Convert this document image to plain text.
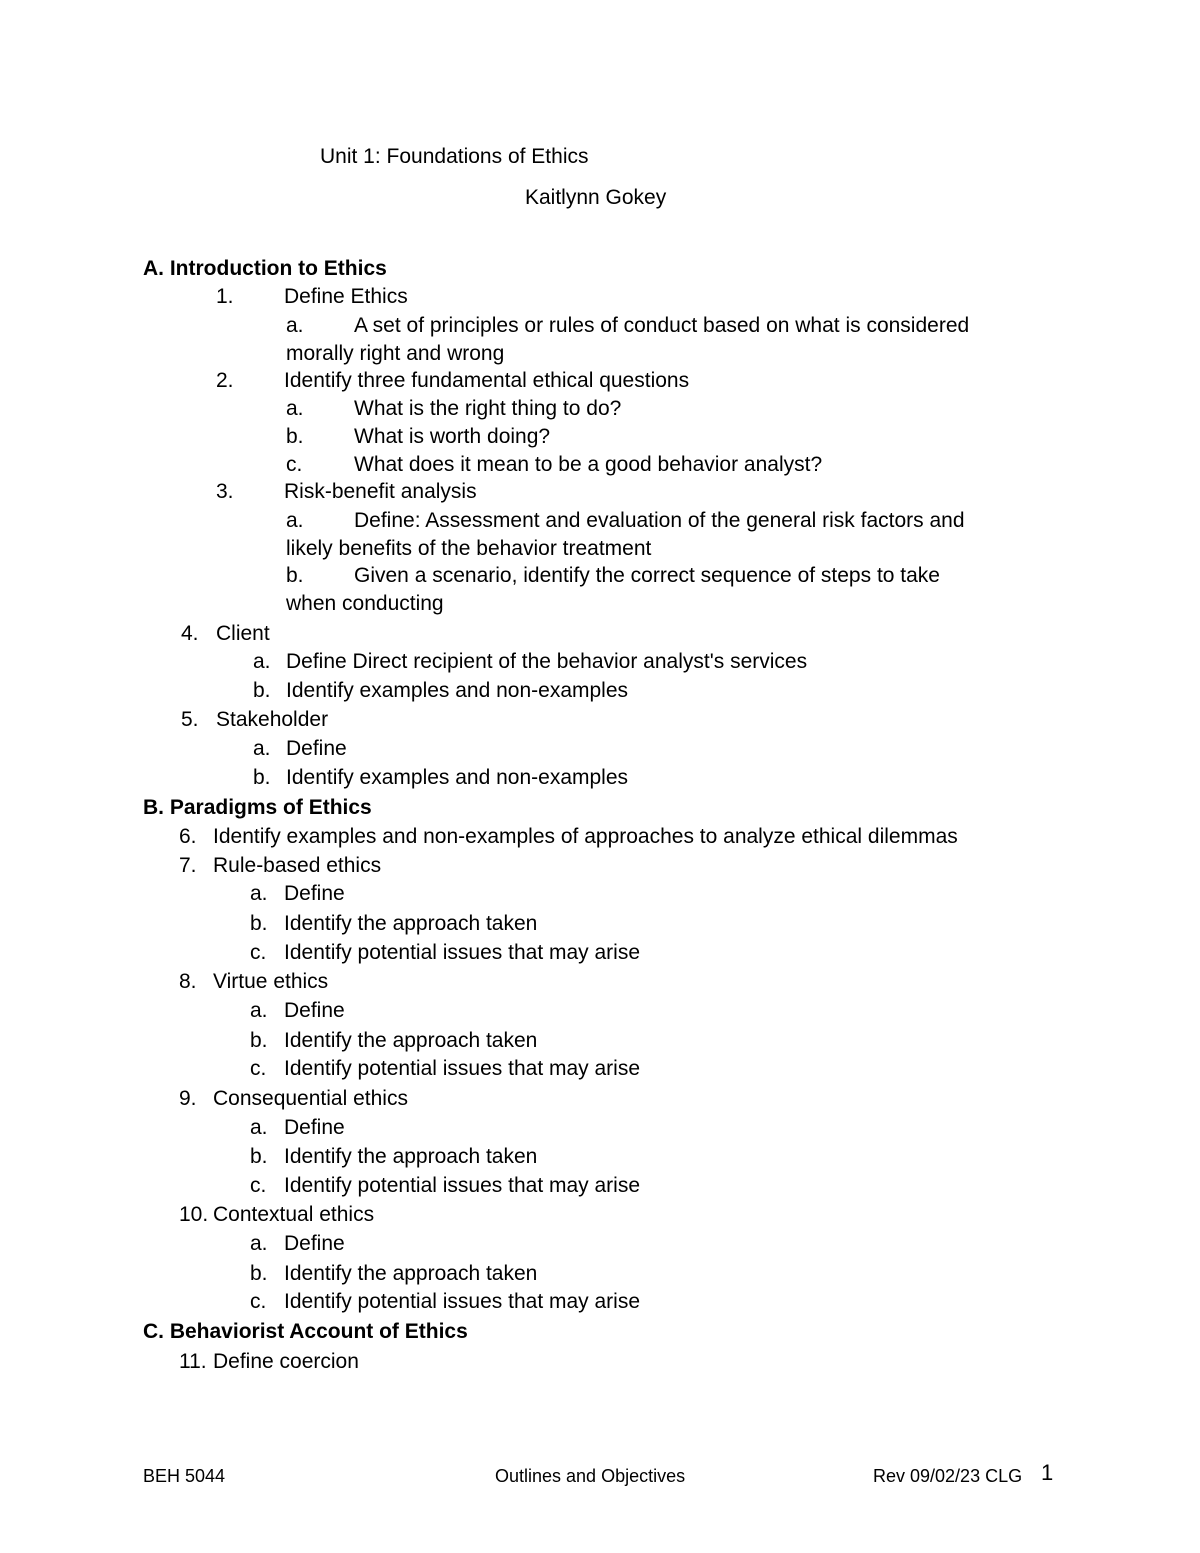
Unit 1: Foundations of Ethics
Kaitlynn Gokey
A. Introduction to Ethics
1. Define Ethics
a. A set of principles or rules of conduct based on what is considered
morally right and wrong
2. Identify three fundamental ethical questions
a. What is the right thing to do?
b. What is worth doing?
c. What does it mean to be a good behavior analyst?
3. Risk-benefit analysis
a. Define: Assessment and evaluation of the general risk factors and
likely benefits of the behavior treatment
b. Given a scenario, identify the correct sequence of steps to take
when conducting
4. Client
a. Define Direct recipient of the behavior analyst's services
b. Identify examples and non-examples
5. Stakeholder
a. Define
b. Identify examples and non-examples
B. Paradigms of Ethics
6. Identify examples and non-examples of approaches to analyze ethical dilemmas
7. Rule-based ethics
a. Define
b. Identify the approach taken
c. Identify potential issues that may arise
8. Virtue ethics
a. Define
b. Identify the approach taken
c. Identify potential issues that may arise
9. Consequential ethics
a. Define
b. Identify the approach taken
c. Identify potential issues that may arise
10. Contextual ethics
a. Define
b. Identify the approach taken
c. Identify potential issues that may arise
C. Behaviorist Account of Ethics
11. Define coercion
BEH 5044	Outlines and Objectives	Rev 09/02/23 CLG 1
